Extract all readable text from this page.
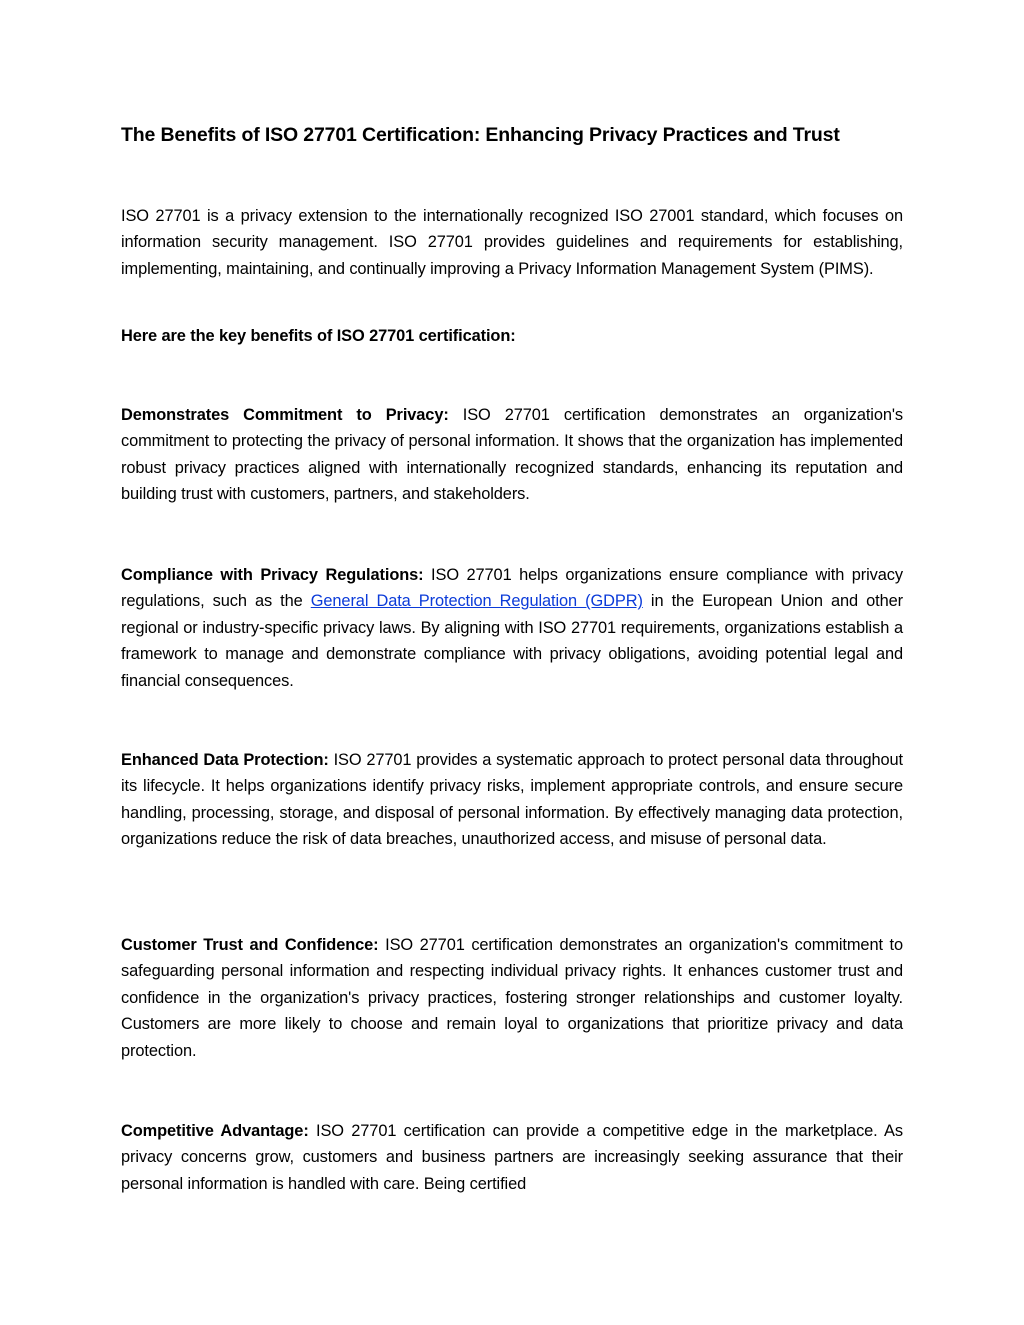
The Benefits of ISO 27701 Certification: Enhancing Privacy Practices and Trust

ISO 27701 is a privacy extension to the internationally recognized ISO 27001 standard, which focuses on information security management. ISO 27701 provides guidelines and requirements for establishing, implementing, maintaining, and continually improving a Privacy Information Management System (PIMS).

Here are the key benefits of ISO 27701 certification:

Demonstrates Commitment to Privacy: ISO 27701 certification demonstrates an organization's commitment to protecting the privacy of personal information. It shows that the organization has implemented robust privacy practices aligned with internationally recognized standards, enhancing its reputation and building trust with customers, partners, and stakeholders.

Compliance with Privacy Regulations: ISO 27701 helps organizations ensure compliance with privacy regulations, such as the General Data Protection Regulation (GDPR) in the European Union and other regional or industry-specific privacy laws. By aligning with ISO 27701 requirements, organizations establish a framework to manage and demonstrate compliance with privacy obligations, avoiding potential legal and financial consequences.

Enhanced Data Protection: ISO 27701 provides a systematic approach to protect personal data throughout its lifecycle. It helps organizations identify privacy risks, implement appropriate controls, and ensure secure handling, processing, storage, and disposal of personal information. By effectively managing data protection, organizations reduce the risk of data breaches, unauthorized access, and misuse of personal data.

Customer Trust and Confidence: ISO 27701 certification demonstrates an organization's commitment to safeguarding personal information and respecting individual privacy rights. It enhances customer trust and confidence in the organization's privacy practices, fostering stronger relationships and customer loyalty. Customers are more likely to choose and remain loyal to organizations that prioritize privacy and data protection.

Competitive Advantage: ISO 27701 certification can provide a competitive edge in the marketplace. As privacy concerns grow, customers and business partners are increasingly seeking assurance that their personal information is handled with care. Being certified
